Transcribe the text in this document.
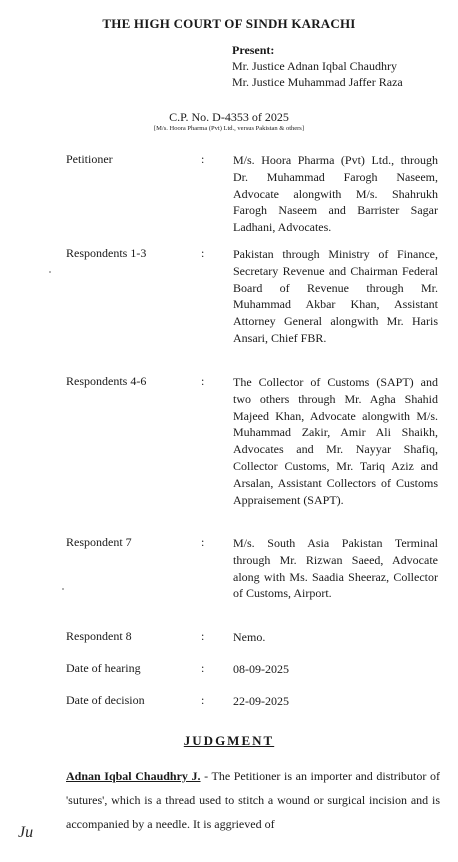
THE HIGH COURT OF SINDH KARACHI
Present:
Mr. Justice Adnan Iqbal Chaudhry
Mr. Justice Muhammad Jaffer Raza
C.P. No. D-4353 of 2025
[M/s. Hoora Pharma (Pvt) Ltd., versus Pakistan & others]
Petitioner	: M/s. Hoora Pharma (Pvt) Ltd., through Dr. Muhammad Farogh Naseem, Advocate alongwith M/s. Shahrukh Farogh Naseem and Barrister Sagar Ladhani, Advocates.
Respondents 1-3	: Pakistan through Ministry of Finance, Secretary Revenue and Chairman Federal Board of Revenue through Mr. Muhammad Akbar Khan, Assistant Attorney General alongwith Mr. Haris Ansari, Chief FBR.
Respondents 4-6	: The Collector of Customs (SAPT) and two others through Mr. Agha Shahid Majeed Khan, Advocate alongwith M/s. Muhammad Zakir, Amir Ali Shaikh, Advocates and Mr. Nayyar Shafiq, Collector Customs, Mr. Tariq Aziz and Arsalan, Assistant Collectors of Customs Appraisement (SAPT).
Respondent 7	: M/s. South Asia Pakistan Terminal through Mr. Rizwan Saeed, Advocate along with Ms. Saadia Sheeraz, Collector of Customs, Airport.
Respondent 8	: Nemo.
Date of hearing	: 08-09-2025
Date of decision	: 22-09-2025
JUDGMENT
Adnan Iqbal Chaudhry J. - The Petitioner is an importer and distributor of 'sutures', which is a thread used to stitch a wound or surgical incision and is accompanied by a needle. It is aggrieved of
Ju
